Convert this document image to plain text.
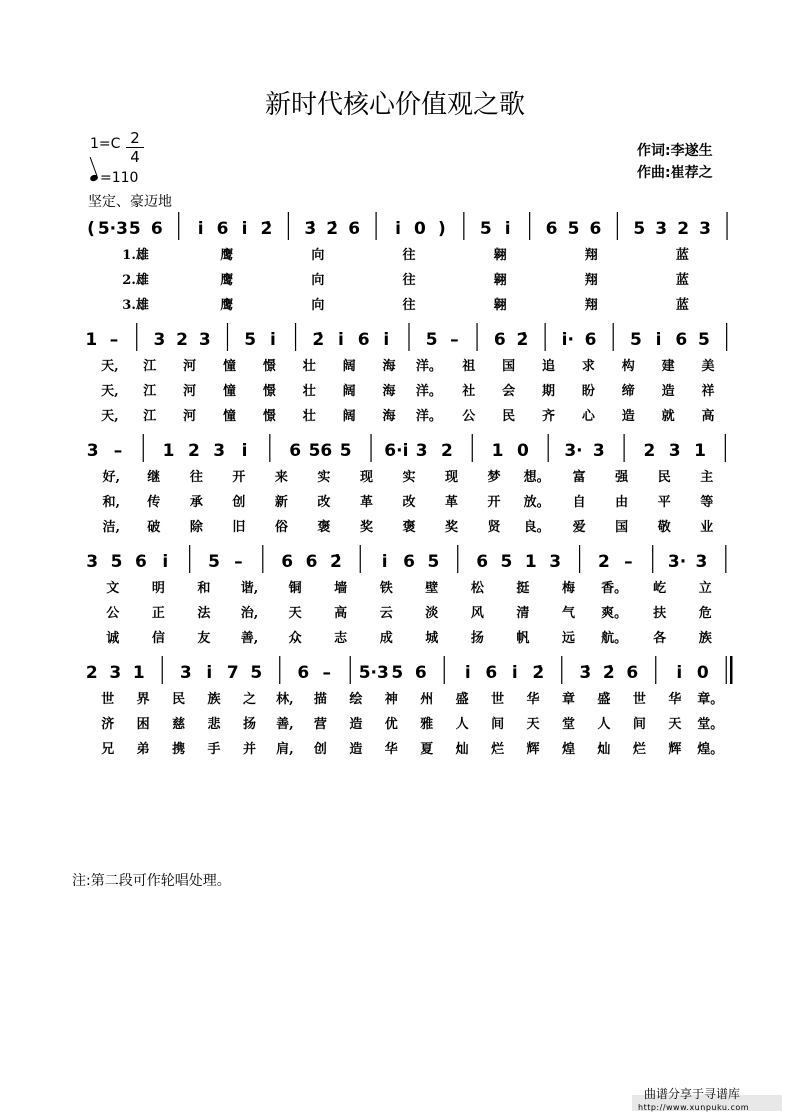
新时代核心价值观之歌
1=C 2
4
=110
作词:李遂生
作曲:崔荐之
坚定、豪迈地
( 5·3 5 6 i 6 i 2̇ 3̇ 2̇ 6 i 0 ) 5 i 6 5 6 5 3 2 3
1.雄	鹰	向	往	翱	翔	蓝
2.雄	鹰	向	往	翱	翔	蓝
3.雄	鹰	向	往	翱	翔	蓝
1 – 3 2 3 5 i 2̇ i 6 i 5 – 6 2̇ i· 6 5 i 6 5
天, 江 河 憧 憬 壮 阔 海 洋。 祖 国 追 求 构 建 美
天, 江 河 憧 憬 壮 阔 海 洋。 社 会 期 盼 缔 造 祥
天, 江 河 憧 憬 壮 阔 海 洋。 公 民 齐 心 造 就 高
3 – 1 2 3 i 6 56 5 6·i 3 2 1 0 3· 3 2 3 1
好, 继 往 开 来 实 现 实 现 梦 想。 富 强 民 主
和, 传 承 创 新 改 革 改 革 开 放。 自 由 平 等
洁, 破 除 旧 俗 褒 奖 褒 奖 贤 良。 爱 国 敬 业
3 5 6 i 5 – 6 6 2̇ i 6 5 6 5 1 3 2 – 3· 3
文	明	和 谐, 铜	墙	铁	壁	松	挺	梅 香。 屹	立
公	正	法 治, 天	高	云	淡	风	清	气 爽。 扶	危
诚	信	友 善, 众	志	成	城	扬	帆	远 航。 各	族
2 3 1 3 i 7 5 6 – 5·3 5 6 i 6 i 2̇ 3̇ 2̇ 6 i 0
世 界 民 族 之 林, 描 绘 神 州 盛 世 华 章 盛 世 华 章。
济 困 慈 悲 扬 善, 营 造 优 雅 人 间 天 堂 人 间 天 堂。
兄 弟 携 手 并 肩, 创 造 华 夏 灿 烂 辉 煌 灿 烂 辉 煌。
注:第二段可作轮唱处理。
曲谱分享于寻谱库
http://www.xunpuku.com
